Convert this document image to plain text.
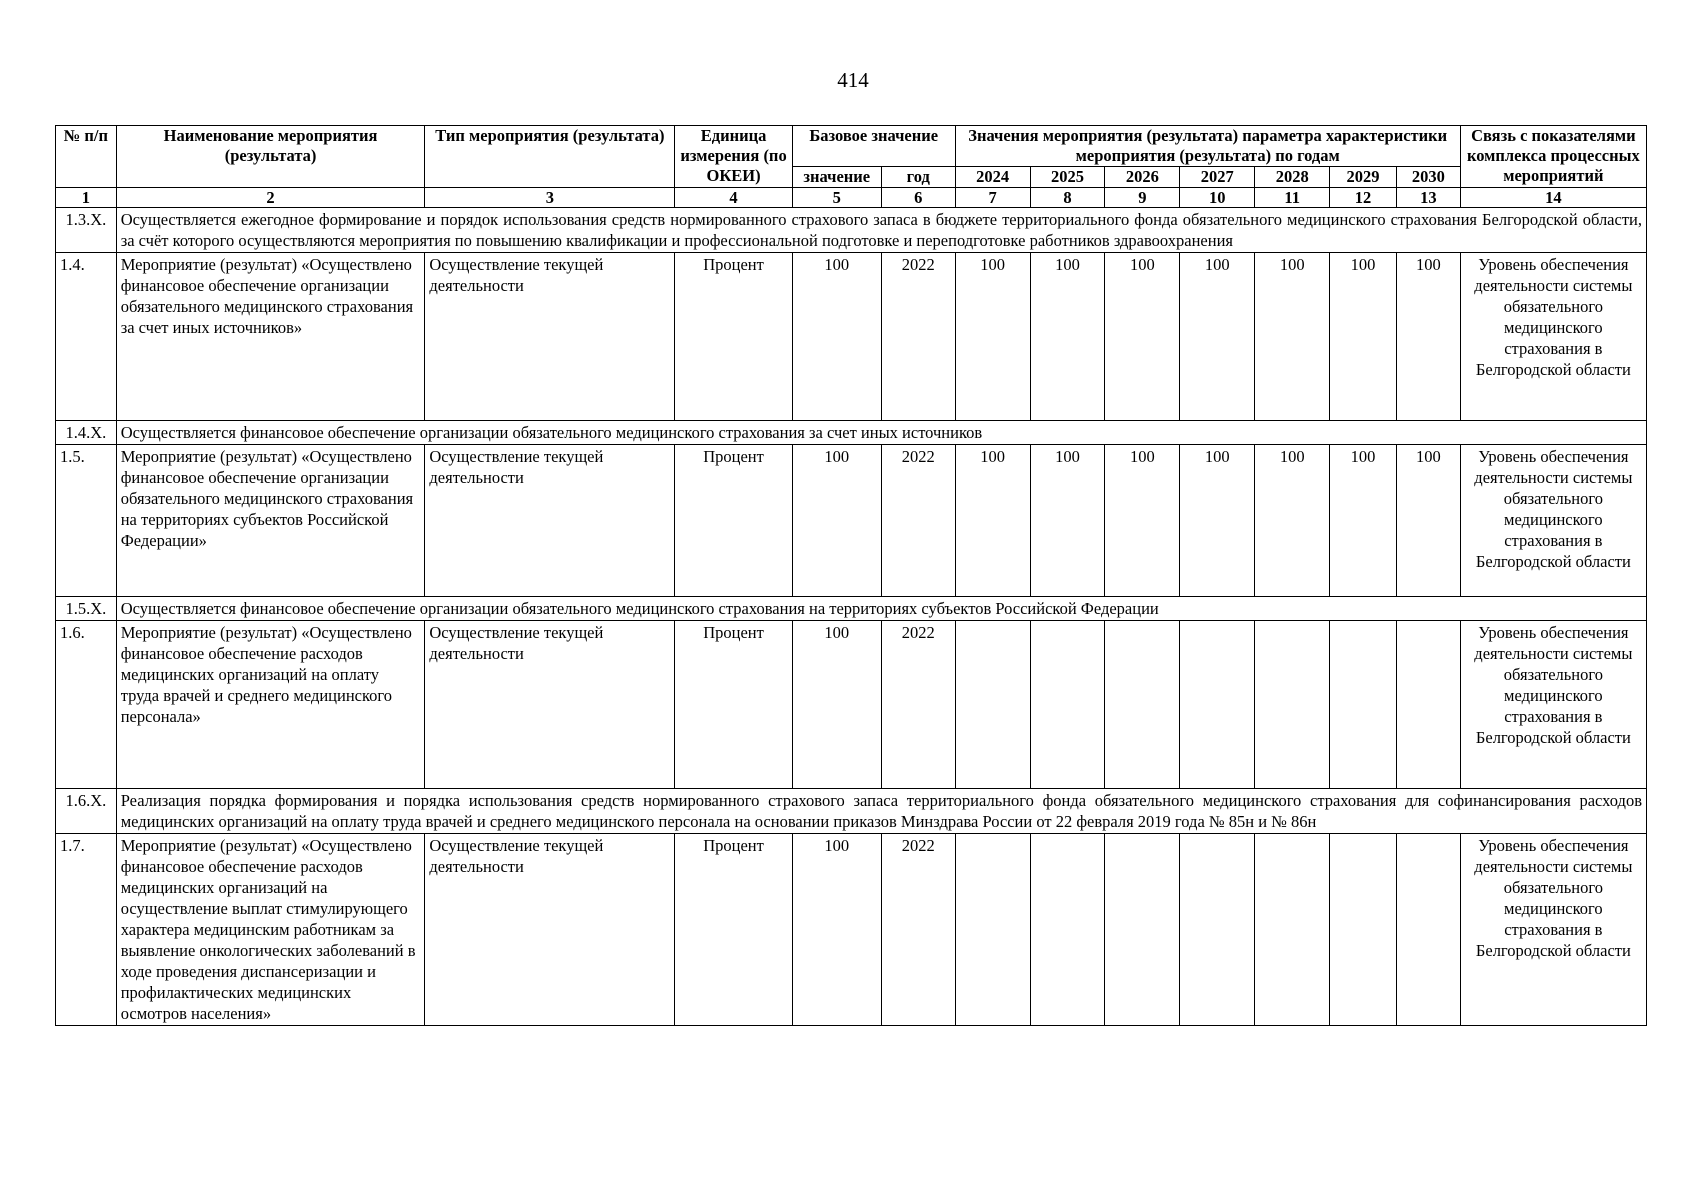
414
№ п/п	Наименование мероприятия (результата)	Тип мероприятия (результата)	Единица измерения (по ОКЕИ)	Базовое значение		Значения мероприятия (результата) параметра характеристики мероприятия (результата) по годам							Связь с показателями комплекса процессных мероприятий
				значение	год	2024	2025	2026	2027	2028	2029	2030	
1	2	3	4	5	6	7	8	9	10	11	12	13	14
1.3.X.	Осуществляется ежегодное формирование и порядок использования средств нормированного страхового запаса в бюджете территориального фонда обязательного медицинского страхования Белгородской области, за счёт которого осуществляются мероприятия по повышению квалификации и профессиональной подготовке и переподготовке работников здравоохранения												
1.4.	Мероприятие (результат) «Осуществлено финансовое обеспечение организации обязательного медицинского страхования за счет иных источников»	Осуществление текущей деятельности	Процент	100	2022	100	100	100	100	100	100	100	Уровень обеспечения деятельности системы обязательного медицинского страхования в Белгородской области
1.4.X.	Осуществляется финансовое обеспечение организации обязательного медицинского страхования за счет иных источников												
1.5.	Мероприятие (результат) «Осуществлено финансовое обеспечение организации обязательного медицинского страхования на территориях субъектов Российской Федерации»	Осуществление текущей деятельности	Процент	100	2022	100	100	100	100	100	100	100	Уровень обеспечения деятельности системы обязательного медицинского страхования в Белгородской области
1.5.X.	Осуществляется финансовое обеспечение организации обязательного медицинского страхования на территориях субъектов Российской Федерации												
1.6.	Мероприятие (результат) «Осуществлено финансовое обеспечение расходов медицинских организаций на оплату труда врачей и среднего медицинского персонала»	Осуществление текущей деятельности	Процент	100	2022								Уровень обеспечения деятельности системы обязательного медицинского страхования в Белгородской области
1.6.X.	Реализация порядка формирования и порядка использования средств нормированного страхового запаса территориального фонда обязательного медицинского страхования для софинансирования расходов медицинских организаций на оплату труда врачей и среднего медицинского персонала на основании приказов Минздрава России от 22 февраля 2019 года № 85н и № 86н												
1.7.	Мероприятие (результат) «Осуществлено финансовое обеспечение расходов медицинских организаций на осуществление выплат стимулирующего характера медицинским работникам за выявление онкологических заболеваний в ходе проведения диспансеризации и профилактических медицинских осмотров населения»	Осуществление текущей деятельности	Процент	100	2022								Уровень обеспечения деятельности системы обязательного медицинского страхования в Белгородской области
